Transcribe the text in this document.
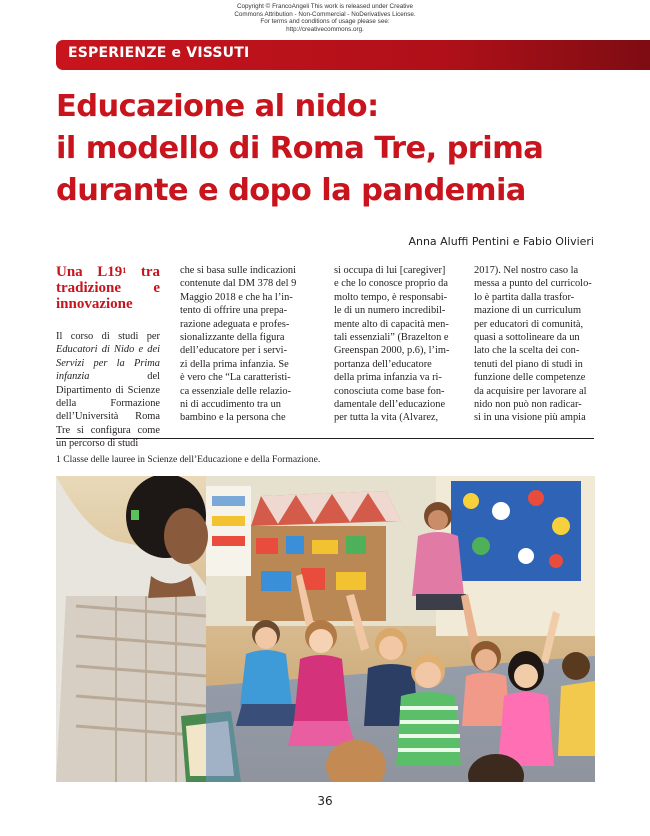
Copyright © FrancoAngeli This work is released under Creative
Commons Attribution - Non-Commercial - NoDerivatives License.
For terms and conditions of usage please see:
http://creativecommons.org.
ESPERIENZE e VISSUTI
Educazione al nido:
il modello di Roma Tre, prima
durante e dopo la pandemia
Anna Aluffi Pentini e Fabio Olivieri
Una $L19^1$ tra tradizione e innovazione

Il corso di studi per Educatori di Nido e dei Servizi per la Prima infanzia del Dipartimento di Scienze della Formazione dell’Università Roma Tre si configura come un percorso di studi

che si basa sulle indicazioni
contenute dal DM 378 del 9
Maggio 2018 e che ha l’in-
tento di offrire una prepa-
razione adeguata e profes-
sionalizzante della figura
dell’educatore per i servi-
zi della prima infanzia. Se
è vero che “La caratteristi-
ca essenziale delle relazio-
ni di accudimento tra un
bambino e la persona che
si occupa di lui [caregiver]
e che lo conosce proprio da
molto tempo, è responsabi-
le di un numero incredibil-
mente alto di capacità men-
tali essenziali” (Brazelton e
Greenspan 2000, p.6), l’im-
portanza dell’educatore
della prima infanzia va ri-
conosciuta come base fon-
damentale dell’educazione
per tutta la vita (Alvarez,
2017). Nel nostro caso la
messa a punto del curricolo-
lo è partita dalla trasfor-
mazione di un curriculum
per educatori di comunità,
quasi a sottolineare da un
lato che la scelta dei con-
tenuti del piano di studi in
funzione delle competenze
da acquisire per lavorare al
nido non può non radicar-
si in una visione più ampia
1 Classe delle lauree in Scienze dell’Educazione e della Formazione.
36
